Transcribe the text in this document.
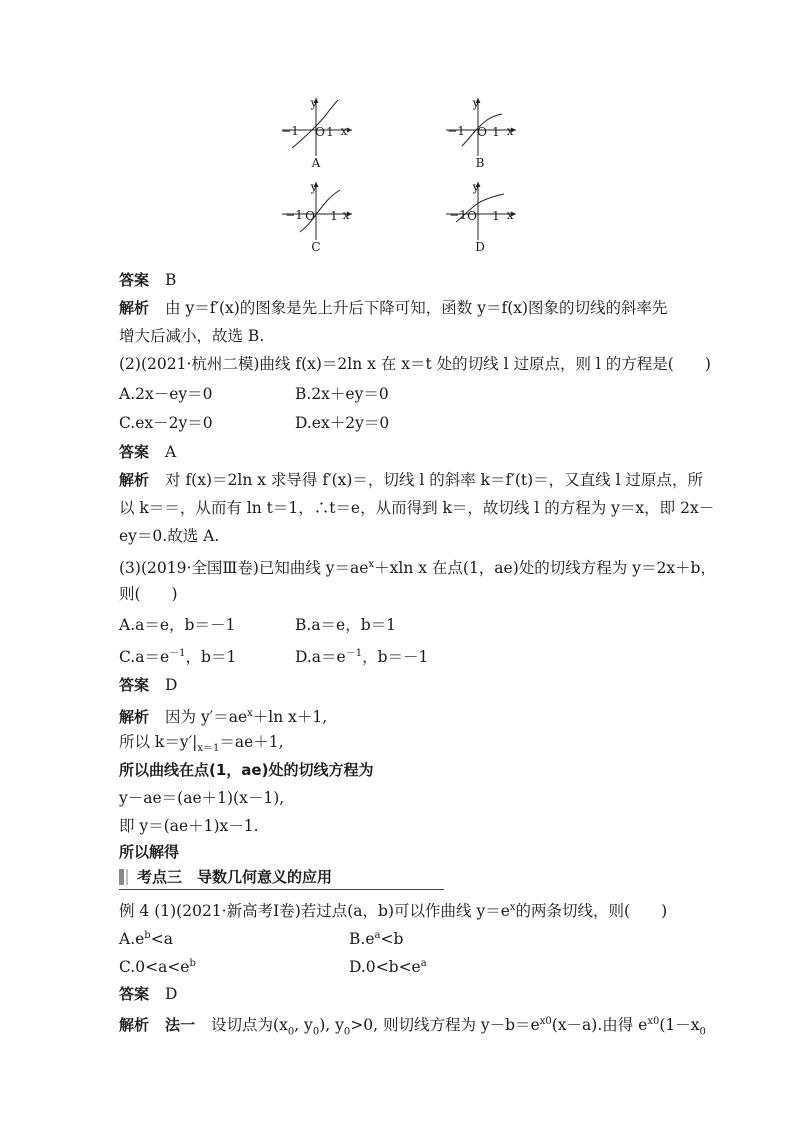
y
−1	O 1 x
A
y
−1	O 1 x
B
y
−1 O	1 x
C
y
−1 O	1 x
D
答案 B
解析 由 y＝f′(x)的图象是先上升后下降可知，函数 y＝f(x)图象的切线的斜率先
增大后减小，故选 B.
(2)(2021·杭州二模)曲线 f(x)＝2ln x 在 x＝t 处的切线 l 过原点，则 l 的方程是(　　)
A.2x－ey＝0	B.2x＋ey＝0
C.ex－2y＝0	D.ex＋2y＝0
答案 A
解析 对 f(x)＝2ln x 求导得 f′(x)＝，切线 l 的斜率 k＝f′(t)＝，又直线 l 过原点，所
以 k＝＝，从而有 ln t＝1，∴t＝e，从而得到 k＝，故切线 l 的方程为 y＝x，即 2x－
ey＝0.故选 A.
(3)(2019·全国Ⅲ卷)已知曲线 $y=ae^x+xln$ x 在点(1，ae)处的切线方程为 y＝2x＋b，
则(　　)
A.a＝e，b＝－1	B.a＝e，b＝1
$C.a=e^{-1}$，b＝1	$D.a=e^{-1}$，b＝－1
答案 D
解析 因为 $y'=ae^x+\ln$ x＋1,
所以 $k=y'|_{x=1}=ae+1$,
所以曲线在点(1，ae)处的切线方程为
y－ae＝(ae＋1)(x－1),
即 y＝(ae＋1)x－1.
所以解得
考点三　导数几何意义的应用
例 4 (1)(2021·新高考Ⅰ卷)若过点(a，b)可以作曲线 $y=e^x$的两条切线，则(　　)
$A.e^b<a$	$B.e^a<b$
$C.0<a<e^b$	$D.0<b<e^a$
答案 D
解析 法一 设切点为($x_0$, $y_0$), $y_0>0$, 则切线方程为 $y-b=e^{x0}(x-a)$.由得 $e^{x0}(1-x_0$
